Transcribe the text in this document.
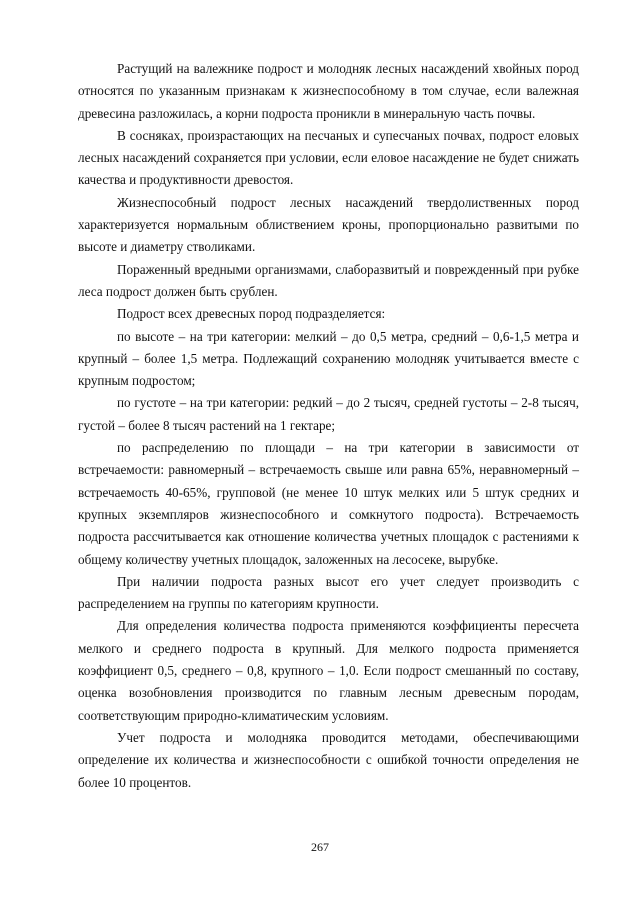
Растущий на валежнике подрост и молодняк лесных насаждений хвойных пород относятся по указанным признакам к жизнеспособному в том случае, если валежная древесина разложилась, а корни подроста проникли в минеральную часть почвы.

В сосняках, произрастающих на песчаных и супесчаных почвах, подрост еловых лесных насаждений сохраняется при условии, если еловое насаждение не будет снижать качества и продуктивности древостоя.

Жизнеспособный подрост лесных насаждений твердолиственных пород характеризуется нормальным облиствением кроны, пропорционально развитыми по высоте и диаметру стволиками.

Пораженный вредными организмами, слаборазвитый и поврежденный при рубке леса подрост должен быть срублен.

Подрост всех древесных пород подразделяется:

по высоте – на три категории: мелкий – до 0,5 метра, средний – 0,6-1,5 метра и крупный – более 1,5 метра. Подлежащий сохранению молодняк учитывается вместе с крупным подростом;

по густоте – на три категории: редкий – до 2 тысяч, средней густоты – 2-8 тысяч, густой – более 8 тысяч растений на 1 гектаре;

по распределению по площади – на три категории в зависимости от встречаемости: равномерный – встречаемость свыше или равна 65%, неравномерный – встречаемость 40-65%, групповой (не менее 10 штук мелких или 5 штук средних и крупных экземпляров жизнеспособного и сомкнутого подроста). Встречаемость подроста рассчитывается как отношение количества учетных площадок с растениями к общему количеству учетных площадок, заложенных на лесосеке, вырубке.

При наличии подроста разных высот его учет следует производить с распределением на группы по категориям крупности.

Для определения количества подроста применяются коэффициенты пересчета мелкого и среднего подроста в крупный. Для мелкого подроста применяется коэффициент 0,5, среднего – 0,8, крупного – 1,0. Если подрост смешанный по составу, оценка возобновления производится по главным лесным древесным породам, соответствующим природно-климатическим условиям.

Учет подроста и молодняка проводится методами, обеспечивающими определение их количества и жизнеспособности с ошибкой точности определения не более 10 процентов.

267
